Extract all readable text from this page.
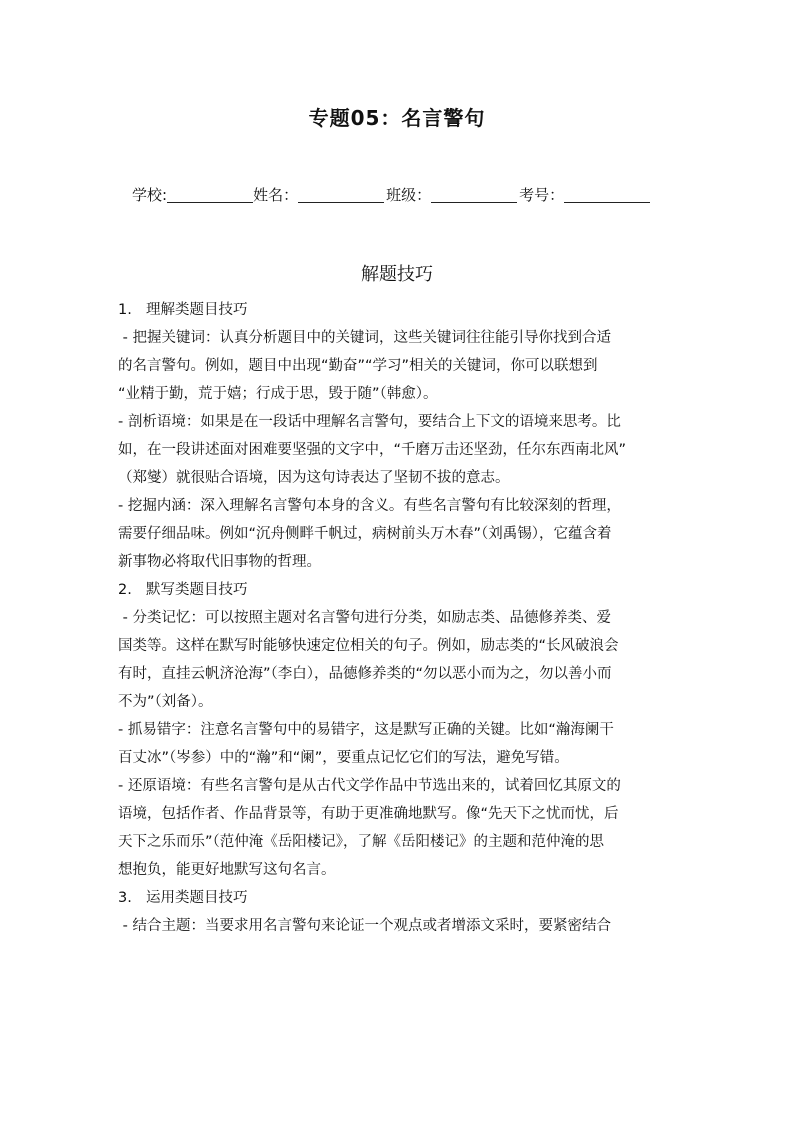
专题05：名言警句
学校:	姓名：	班级：	考号：
解题技巧
1. 理解类题目技巧
- 把握关键词：认真分析题目中的关键词，这些关键词往往能引导你找到合适
的名言警句。例如，题目中出现“勤奋”“学习”相关的关键词，你可以联想到
“业精于勤，荒于嬉；行成于思，毁于随”（韩愈）。
- 剖析语境：如果是在一段话中理解名言警句，要结合上下文的语境来思考。比
如，在一段讲述面对困难要坚强的文字中，“千磨万击还坚劲，任尔东西南北风”
（郑燮）就很贴合语境，因为这句诗表达了坚韧不拔的意志。
- 挖掘内涵：深入理解名言警句本身的含义。有些名言警句有比较深刻的哲理，
需要仔细品味。例如“沉舟侧畔千帆过，病树前头万木春”（刘禹锡），它蕴含着
新事物必将取代旧事物的哲理。
2. 默写类题目技巧
- 分类记忆：可以按照主题对名言警句进行分类，如励志类、品德修养类、爱
国类等。这样在默写时能够快速定位相关的句子。例如，励志类的“长风破浪会
有时，直挂云帆济沧海”（李白），品德修养类的“勿以恶小而为之，勿以善小而
不为”（刘备）。
- 抓易错字：注意名言警句中的易错字，这是默写正确的关键。比如“瀚海阑干
百丈冰”（岑参）中的“瀚”和“阑”，要重点记忆它们的写法，避免写错。
- 还原语境：有些名言警句是从古代文学作品中节选出来的，试着回忆其原文的
语境，包括作者、作品背景等，有助于更准确地默写。像“先天下之忧而忧，后
天下之乐而乐”（范仲淹《岳阳楼记》，了解《岳阳楼记》的主题和范仲淹的思
想抱负，能更好地默写这句名言。
3. 运用类题目技巧
- 结合主题：当要求用名言警句来论证一个观点或者增添文采时，要紧密结合
